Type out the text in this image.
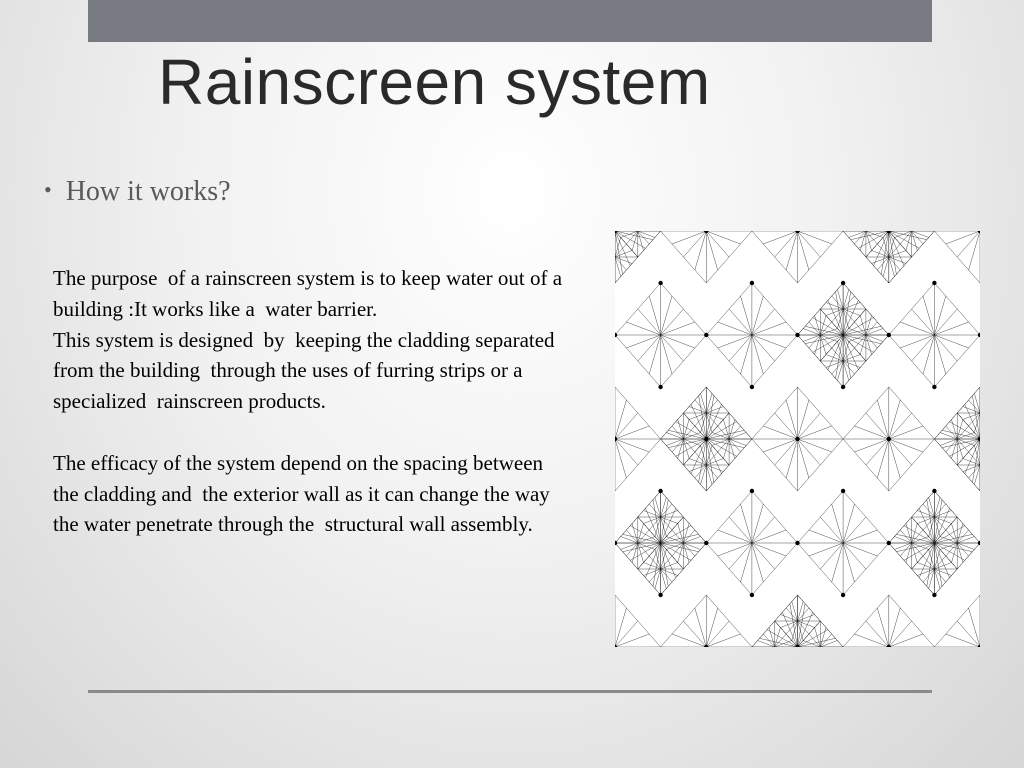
Rainscreen system
• How it works?

The purpose  of a rainscreen system is to keep water out of a building :It works like a  water barrier.

This system is designed  by  keeping the cladding separated from the building  through the uses of furring strips or a specialized  rainscreen products.

The efficacy of the system depend on the spacing between the cladding and  the exterior wall as it can change the way the water penetrate through the  structural wall assembly.
